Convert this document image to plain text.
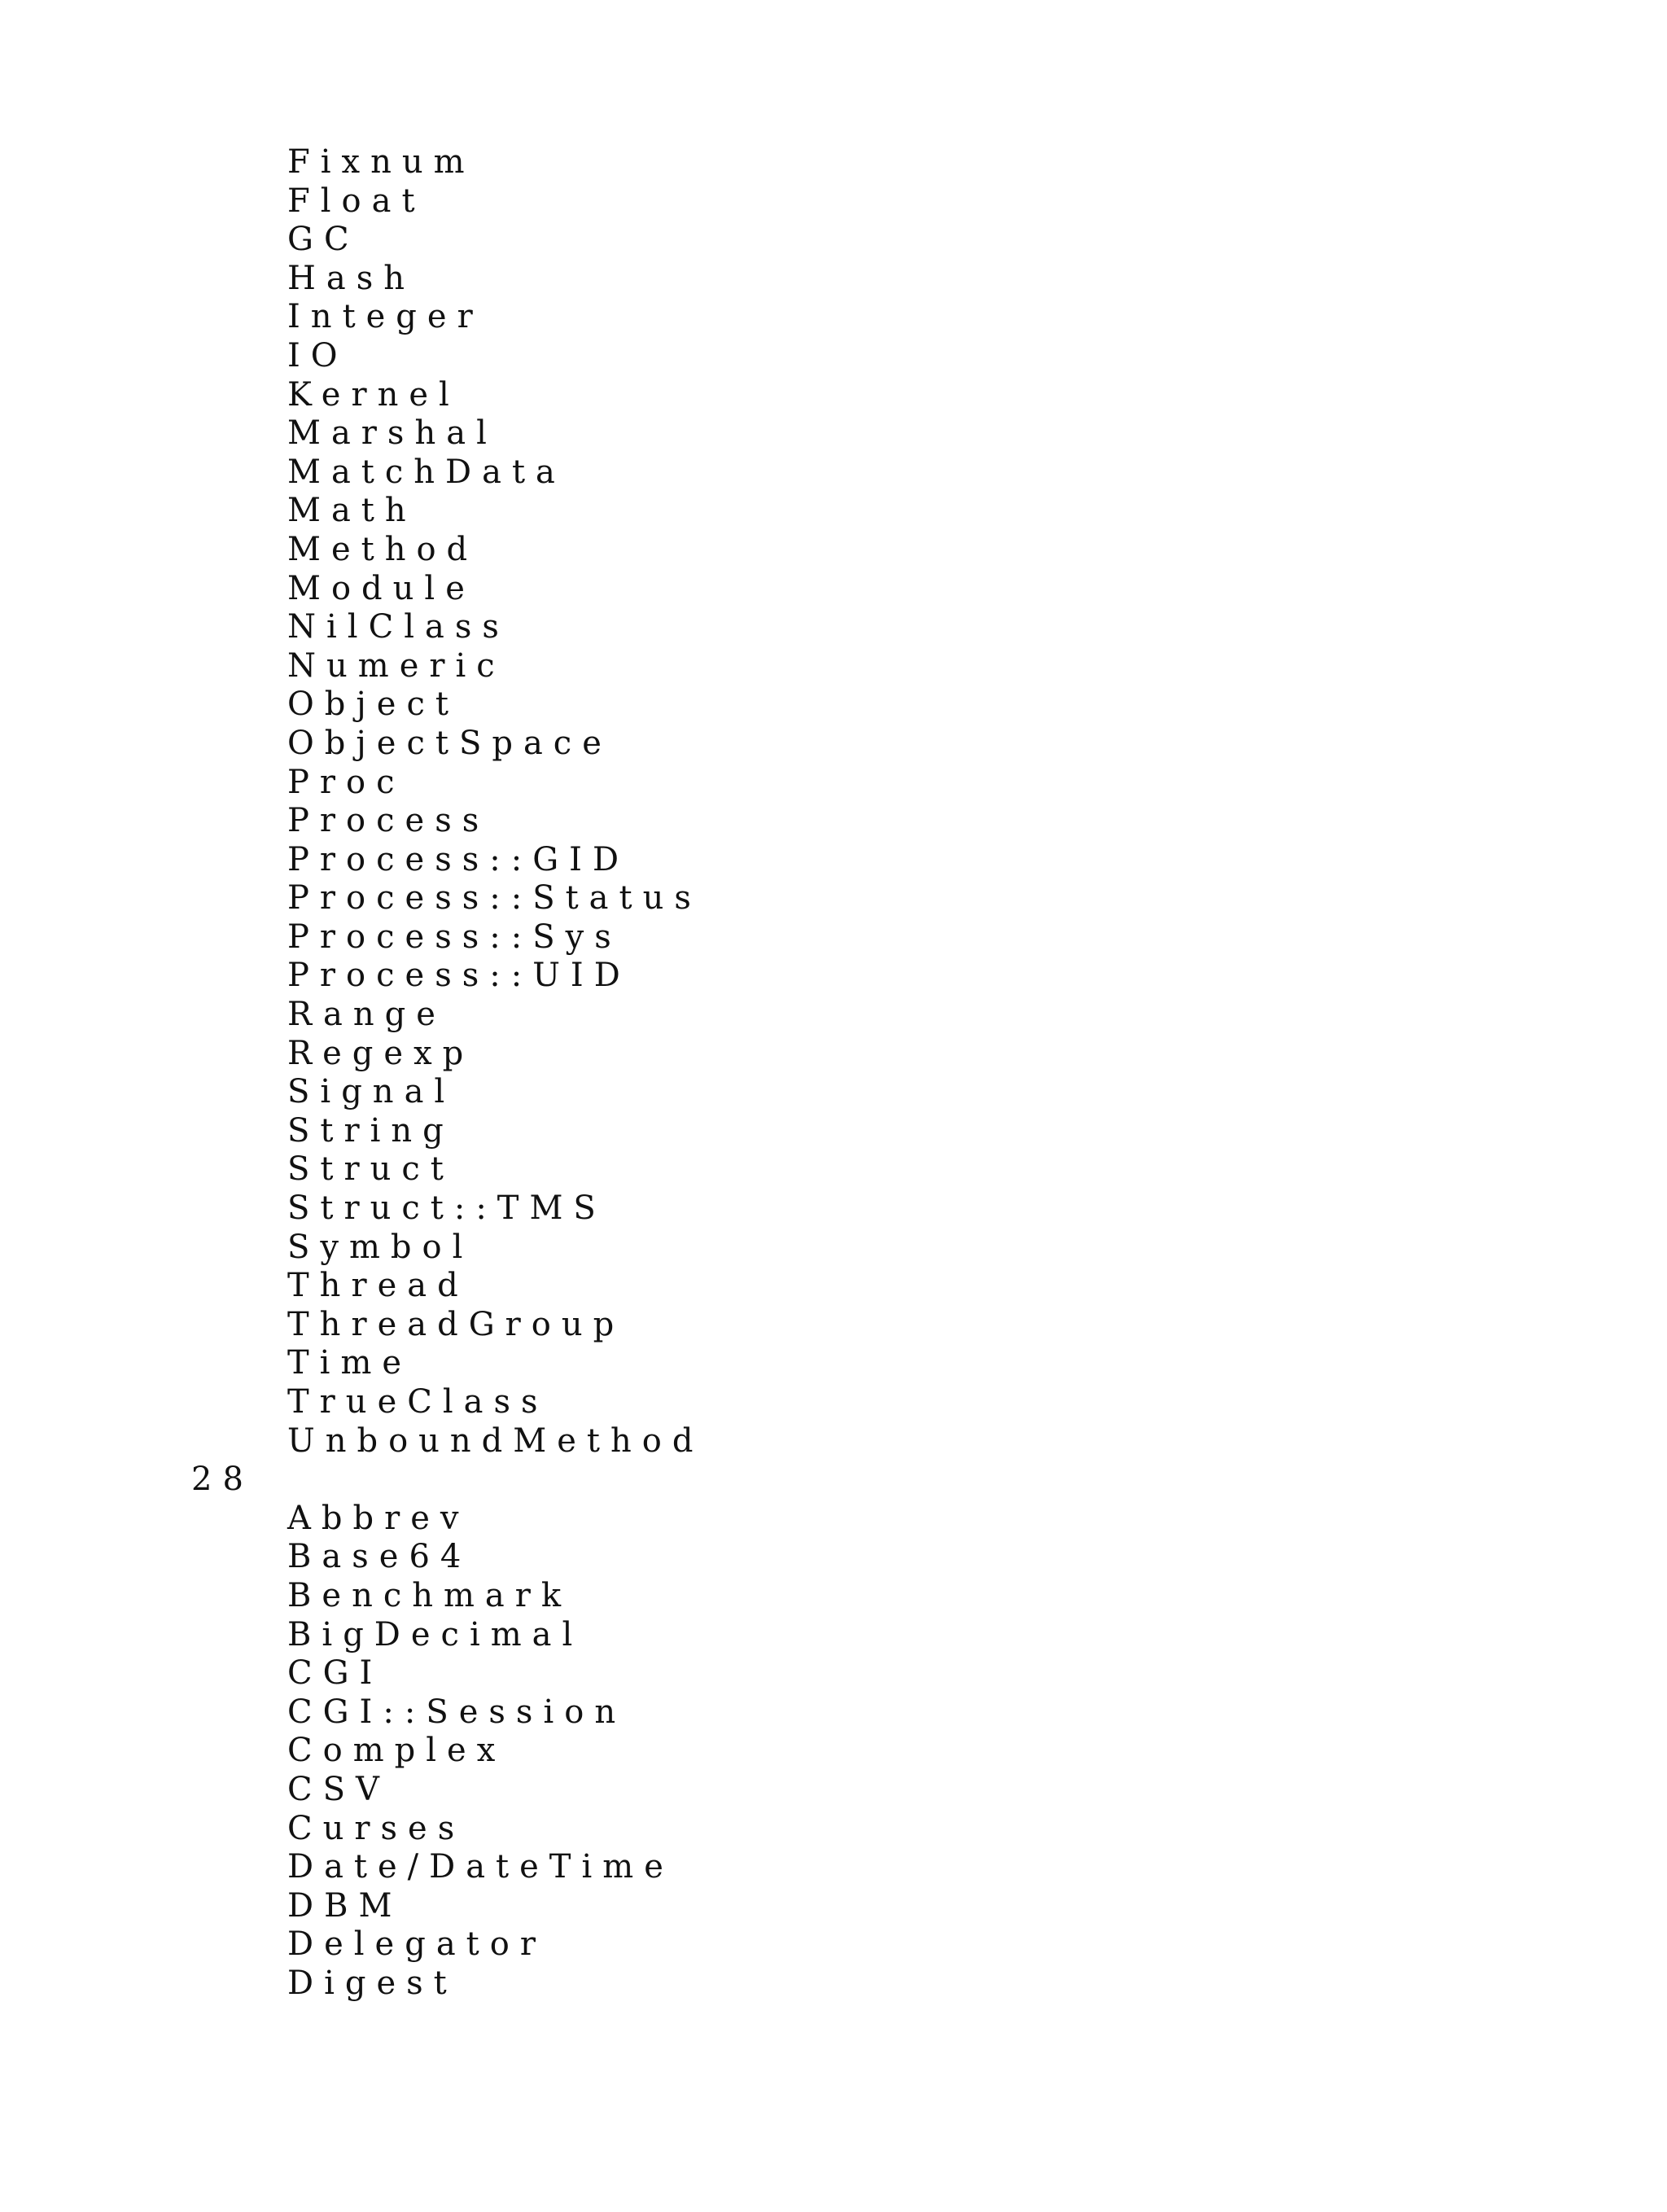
Fixnum
Float
GC
Hash
Integer
IO
Kernel
Marshal
MatchData
Math
Method
Module
NilClass
Numeric
Object
ObjectSpace
Proc
Process
Process::GID
Process::Status
Process::Sys
Process::UID
Range
Regexp
Signal
String
Struct
Struct::TMS
Symbol
Thread
ThreadGroup
Time
TrueClass
UnboundMethod
28
Abbrev
Base64
Benchmark
BigDecimal
CGI
CGI::Session
Complex
CSV
Curses
Date/DateTime
DBM
Delegator
Digest
